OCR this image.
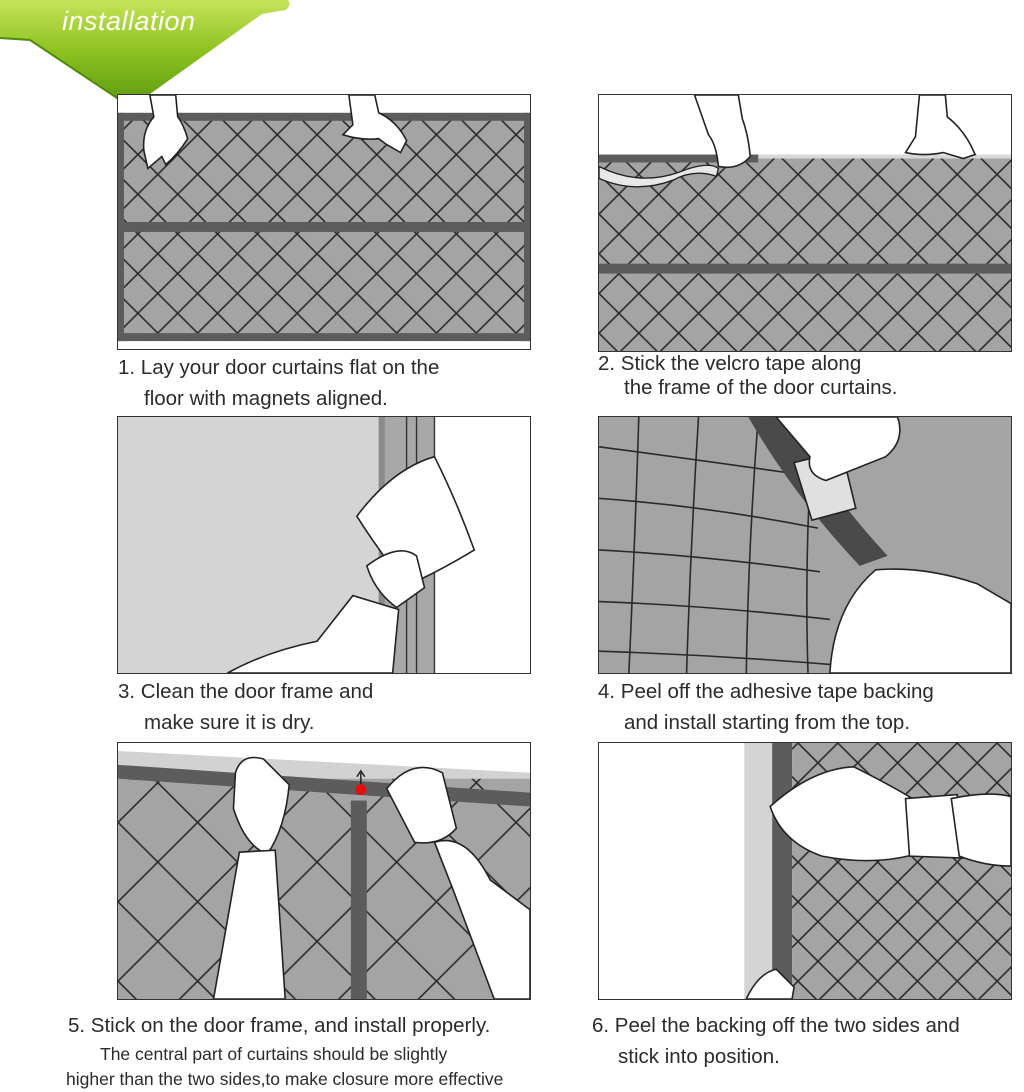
installation
1. Lay your door curtains flat on the
floor with magnets aligned.
2. Stick the velcro tape along
the frame of the door curtains.
3. Clean the door frame and
make sure it is dry.
4. Peel off the adhesive tape backing
and install starting from the top.
5. Stick on the door frame, and install properly.
The central part of curtains should be slightly
higher than the two sides,to make closure more effective
6. Peel the backing off the two sides and
stick into position.
